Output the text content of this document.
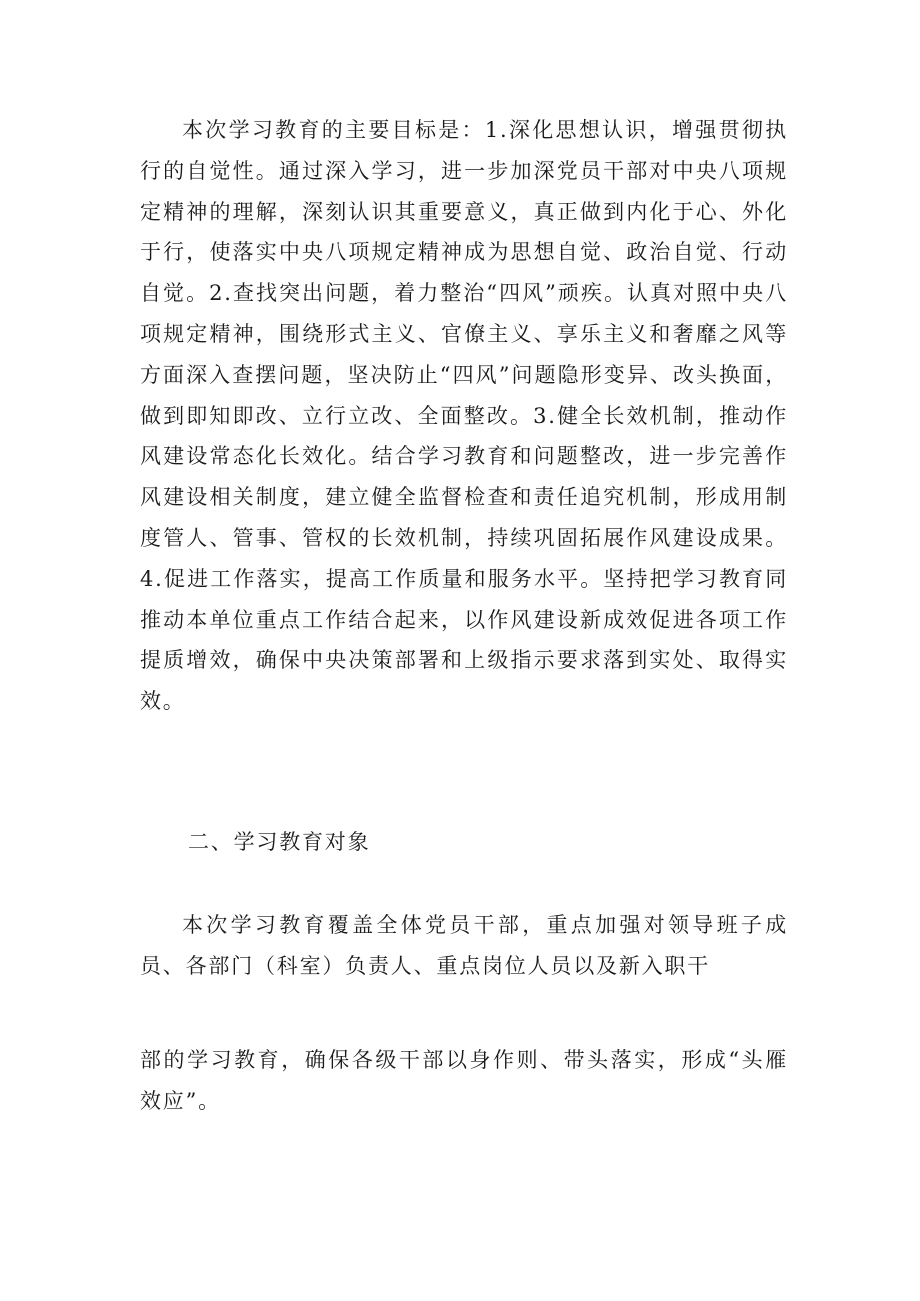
本次学习教育的主要目标是：1.深化思想认识，增强贯彻执行的自觉性。通过深入学习，进一步加深党员干部对中央八项规定精神的理解，深刻认识其重要意义，真正做到内化于心、外化于行，使落实中央八项规定精神成为思想自觉、政治自觉、行动自觉。2.查找突出问题，着力整治“四风”顽疾。认真对照中央八项规定精神，围绕形式主义、官僚主义、享乐主义和奢靡之风等方面深入查摆问题，坚决防止“四风”问题隐形变异、改头换面，做到即知即改、立行立改、全面整改。3.健全长效机制，推动作风建设常态化长效化。结合学习教育和问题整改，进一步完善作风建设相关制度，建立健全监督检查和责任追究机制，形成用制度管人、管事、管权的长效机制，持续巩固拓展作风建设成果。4.促进工作落实，提高工作质量和服务水平。坚持把学习教育同推动本单位重点工作结合起来，以作风建设新成效促进各项工作提质增效，确保中央决策部署和上级指示要求落到实处、取得实效。

二、学习教育对象

本次学习教育覆盖全体党员干部，重点加强对领导班子成员、各部门（科室）负责人、重点岗位人员以及新入职干

部的学习教育，确保各级干部以身作则、带头落实，形成“头雁效应”。
